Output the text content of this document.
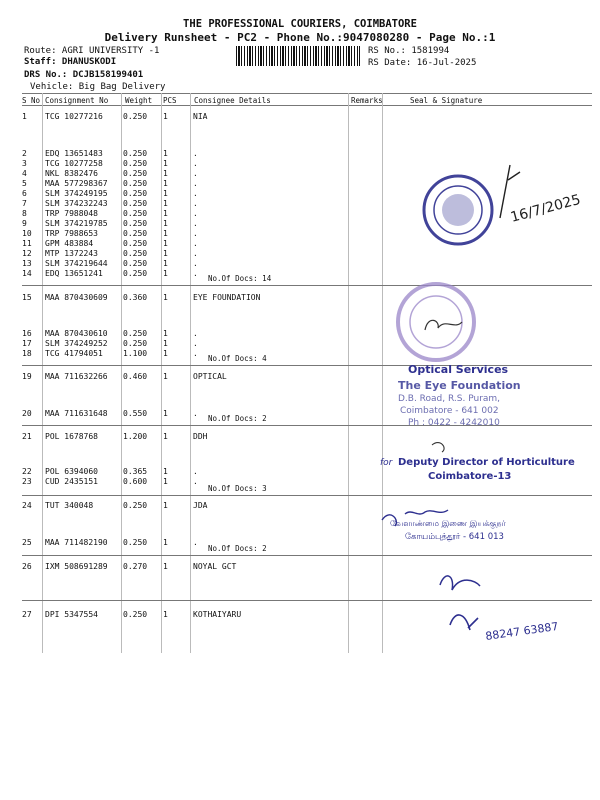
THE PROFESSIONAL COURIERS, COIMBATORE
Delivery Runsheet - PC2 - Phone No.:9047080280 - Page No.:1
Route: AGRI UNIVERSITY -1
Staff: DHANUSKODI
DRS No.: DCJB158199401
Vehicle: Big Bag Delivery
RS No.: 1581994
RS Date: 16-Jul-2025
S No Consignment No Weight PCS Consignee Details	Remarks	Seal & Signature
1 TCG 10277216	0.250 1	NIA
2 EDQ 13651483	0.250 1	.
3 TCG 10277258	0.250 1	.
4 NKL 8382476	0.250 1	.
5 MAA 577298367 0.250 1	.
6 SLM 374249195 0.250 1	.
7 SLM 374232243 0.250 1	.
8 TRP 7988048	0.250 1	.
9 SLM 374219785 0.250 1	.
10 TRP 7988653	0.250 1	.
11 GPM 483884	0.250 1	.
12 MTP 1372243	0.250 1	.
13 SLM 374219644 0.250 1	.
14 EDQ 13651241	0.250 1	.
15 MAA 870430609 0.360 1	EYE FOUNDATION
16 MAA 870430610 0.250 1	.
17 SLM 374249252 0.250 1	.
18 TCG 41794051	1.100 1	.
19 MAA 711632266 0.460 1	OPTICAL
20 MAA 711631648 0.550 1	.
21 POL 1678768	1.200 1	DDH
22 POL 6394060	0.365 1	.
23 CUD 2435151	0.600 1	.
24 TUT 340048	0.250 1	JDA
25 MAA 711482190 0.250 1	.
26 IXM 508691289 0.270 1	NOYAL GCT
27 DPI 5347554	0.250 1	KOTHAIYARU
No.Of Docs: 14
No.Of Docs: 4
No.Of Docs: 2
No.Of Docs: 3
No.Of Docs: 2
16/7/2025
88247 63887
Optical Services
The Eye Foundation
D.B. Road, R.S. Puram,
Coimbatore - 641 002
Ph : 0422 - 4242010
for Deputy Director of Horticulture
Coimbatore-13
வேளாண்மை இணை இயக்குநர்
கோயம்புத்தூர் - 641 013
